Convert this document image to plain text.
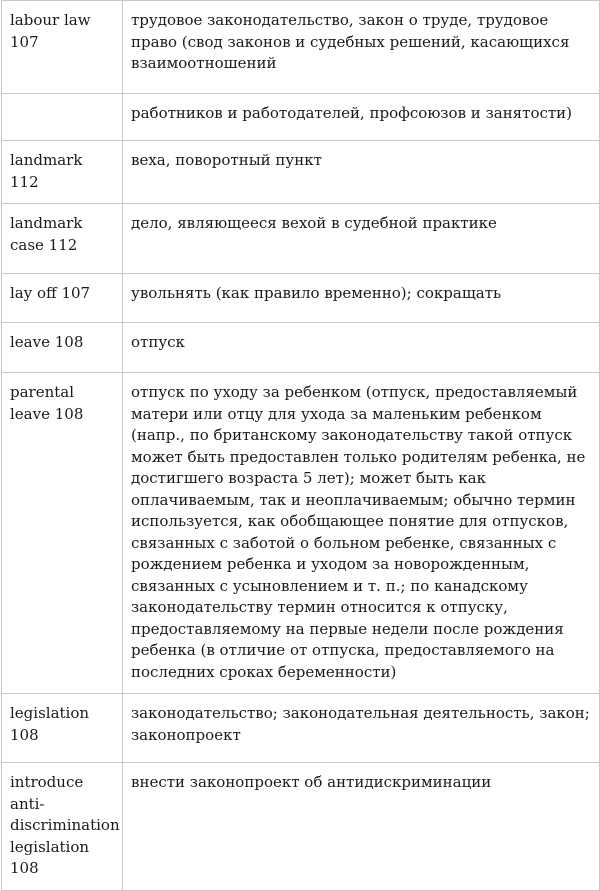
labour law 107	трудовое законодательство, закон о труде, трудовое право (свод законов и судебных решений, касающихся взаимоотношений
	работников и работодателей, профсоюзов и занятости)
landmark 112	веха, поворотный пункт
landmark case 112	дело, являющееся вехой в судебной практике
lay off 107	увольнять (как правило временно); сокращать
leave 108	отпуск
parental leave 108	отпуск по уходу за ребенком (отпуск, предоставляемый матери или отцу для ухода за маленьким ребенком (напр., по британскому законодательству такой отпуск может быть предоставлен только родителям ребенка, не достигшего возраста 5 лет); может быть как оплачиваемым, так и неоплачиваемым; обычно термин используется, как обобщающее понятие для отпусков, связанных с заботой о больном ребенке, связанных с рождением ребенка и уходом за новорожденным, связанных с усыновлением и т. п.; по канадскому законодательству термин относится к отпуску, предоставляемому на первые недели после рождения ребенка (в отличие от отпуска, предоставляемого на последних сроках беременности)
legislation 108	законодательство; законодательная деятельность, закон; законопроект
introduce anti-discrimination legislation 108	внести законопроект об антидискриминации
